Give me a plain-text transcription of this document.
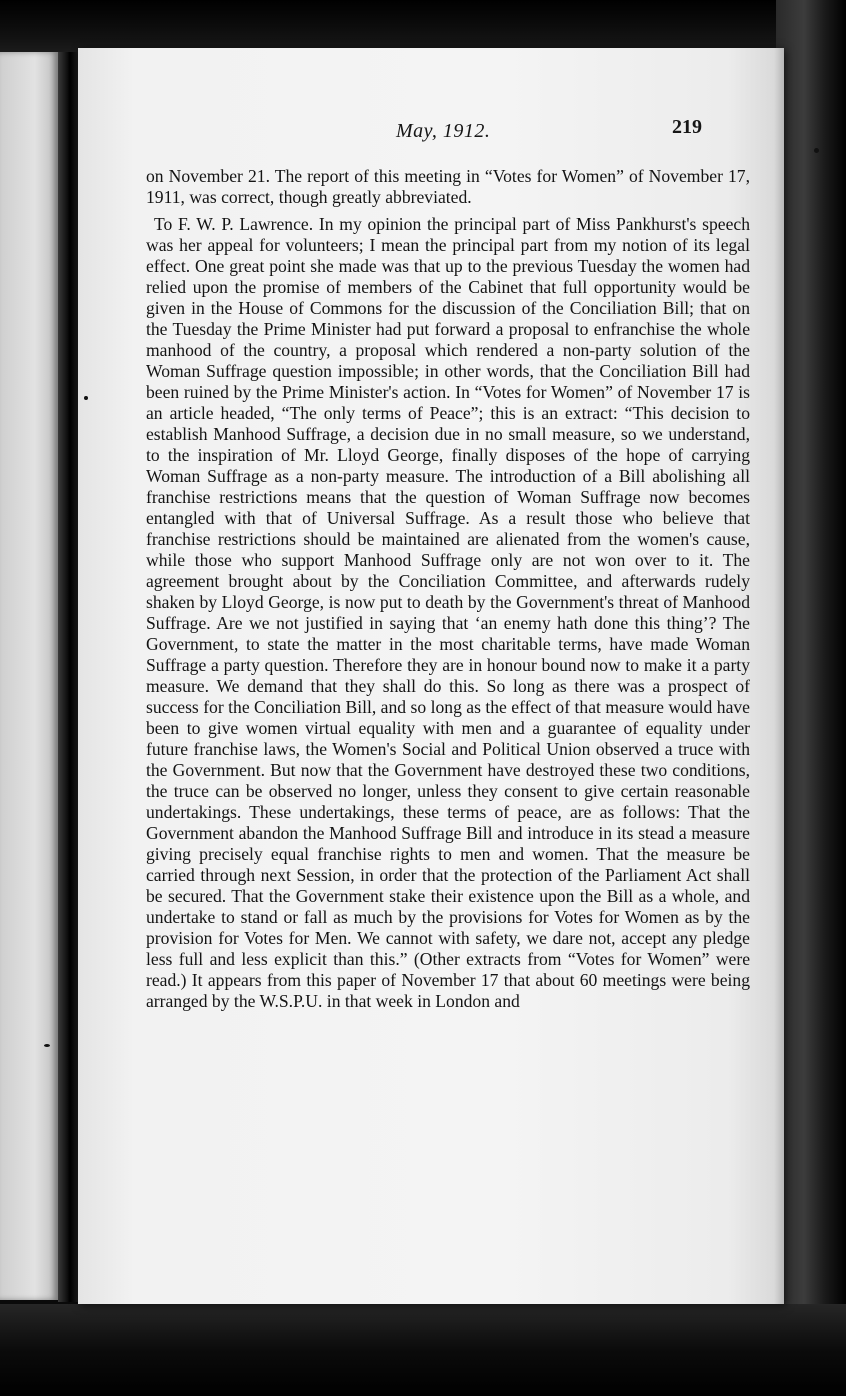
May, 1912.	219

on November 21. The report of this meeting in “Votes for Women” of November 17, 1911, was correct, though greatly abbreviated.

To F. W. P. Lawrence. In my opinion the principal part of Miss Pankhurst's speech was her appeal for volunteers; I mean the principal part from my notion of its legal effect. One great point she made was that up to the previous Tuesday the women had relied upon the promise of members of the Cabinet that full opportunity would be given in the House of Commons for the discussion of the Conciliation Bill; that on the Tuesday the Prime Minister had put forward a proposal to enfranchise the whole manhood of the country, a proposal which rendered a non-party solution of the Woman Suffrage question impossible; in other words, that the Conciliation Bill had been ruined by the Prime Minister's action. In “Votes for Women” of November 17 is an article headed, “The only terms of Peace”; this is an extract: “This decision to establish Manhood Suffrage, a decision due in no small measure, so we understand, to the inspiration of Mr. Lloyd George, finally disposes of the hope of carrying Woman Suffrage as a non-party measure. The introduction of a Bill abolishing all franchise restrictions means that the question of Woman Suffrage now becomes entangled with that of Universal Suffrage. As a result those who believe that franchise restrictions should be maintained are alienated from the women's cause, while those who support Manhood Suffrage only are not won over to it. The agreement brought about by the Conciliation Committee, and afterwards rudely shaken by Lloyd George, is now put to death by the Government's threat of Manhood Suffrage. Are we not justified in saying that ‘an enemy hath done this thing’? The Government, to state the matter in the most charitable terms, have made Woman Suffrage a party question. Therefore they are in honour bound now to make it a party measure. We demand that they shall do this. So long as there was a prospect of success for the Conciliation Bill, and so long as the effect of that measure would have been to give women virtual equality with men and a guarantee of equality under future franchise laws, the Women's Social and Political Union observed a truce with the Government. But now that the Government have destroyed these two conditions, the truce can be observed no longer, unless they consent to give certain reasonable undertakings. These undertakings, these terms of peace, are as follows: That the Government abandon the Manhood Suffrage Bill and introduce in its stead a measure giving precisely equal franchise rights to men and women. That the measure be carried through next Session, in order that the protection of the Parliament Act shall be secured. That the Government stake their existence upon the Bill as a whole, and undertake to stand or fall as much by the provisions for Votes for Women as by the provision for Votes for Men. We cannot with safety, we dare not, accept any pledge less full and less explicit than this.” (Other extracts from “Votes for Women” were read.) It appears from this paper of November 17 that about 60 meetings were being arranged by the W.S.P.U. in that week in London and
